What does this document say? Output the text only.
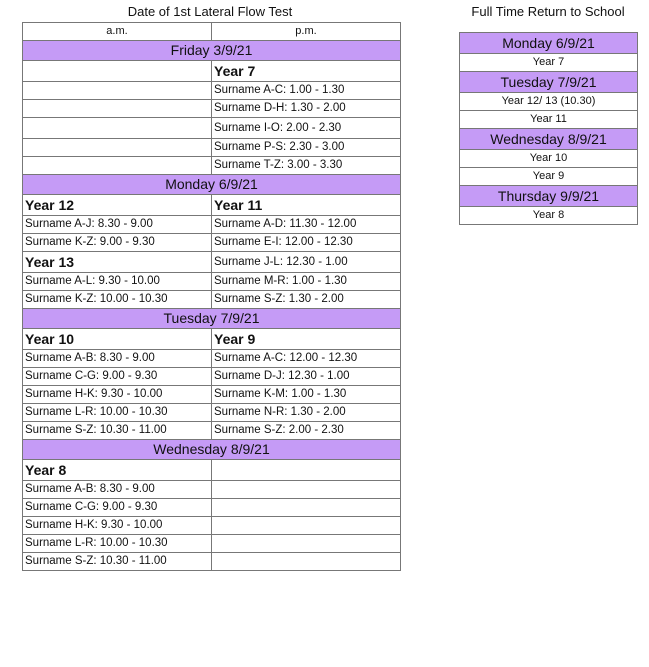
Date of 1st Lateral Flow Test
a.m.	p.m.
Friday 3/9/21	
	Year 7
	Surname A-C: 1.00 - 1.30
	Surname D-H: 1.30 - 2.00
	Surname I-O: 2.00 - 2.30
	Surname P-S: 2.30 - 3.00
	Surname T-Z: 3.00 - 3.30
Monday 6/9/21	
Year 12	Year 11
Surname A-J: 8.30 - 9.00	Surname A-D: 11.30 - 12.00
Surname K-Z: 9.00 - 9.30	Surname E-I: 12.00 - 12.30
Year 13	Surname J-L: 12.30 - 1.00
Surname A-L: 9.30 - 10.00	Surname M-R: 1.00 - 1.30
Surname K-Z: 10.00 - 10.30	Surname S-Z: 1.30 - 2.00
Tuesday 7/9/21	
Year 10	Year 9
Surname A-B: 8.30 - 9.00	Surname A-C: 12.00 - 12.30
Surname C-G: 9.00 - 9.30	Surname D-J: 12.30 - 1.00
Surname H-K: 9.30 - 10.00	Surname K-M: 1.00 - 1.30
Surname L-R: 10.00 - 10.30	Surname N-R: 1.30 - 2.00
Surname S-Z: 10.30 - 11.00	Surname S-Z: 2.00 - 2.30
Wednesday 8/9/21	
Year 8	
Surname A-B: 8.30 - 9.00	
Surname C-G: 9.00 - 9.30	
Surname H-K: 9.30 - 10.00	
Surname L-R: 10.00 - 10.30	
Surname S-Z: 10.30 - 11.00	
Full Time Return to School
Monday 6/9/21
Year 7
Tuesday 7/9/21
Year 12/ 13 (10.30)
Year 11
Wednesday 8/9/21
Year 10
Year 9
Thursday 9/9/21
Year 8
